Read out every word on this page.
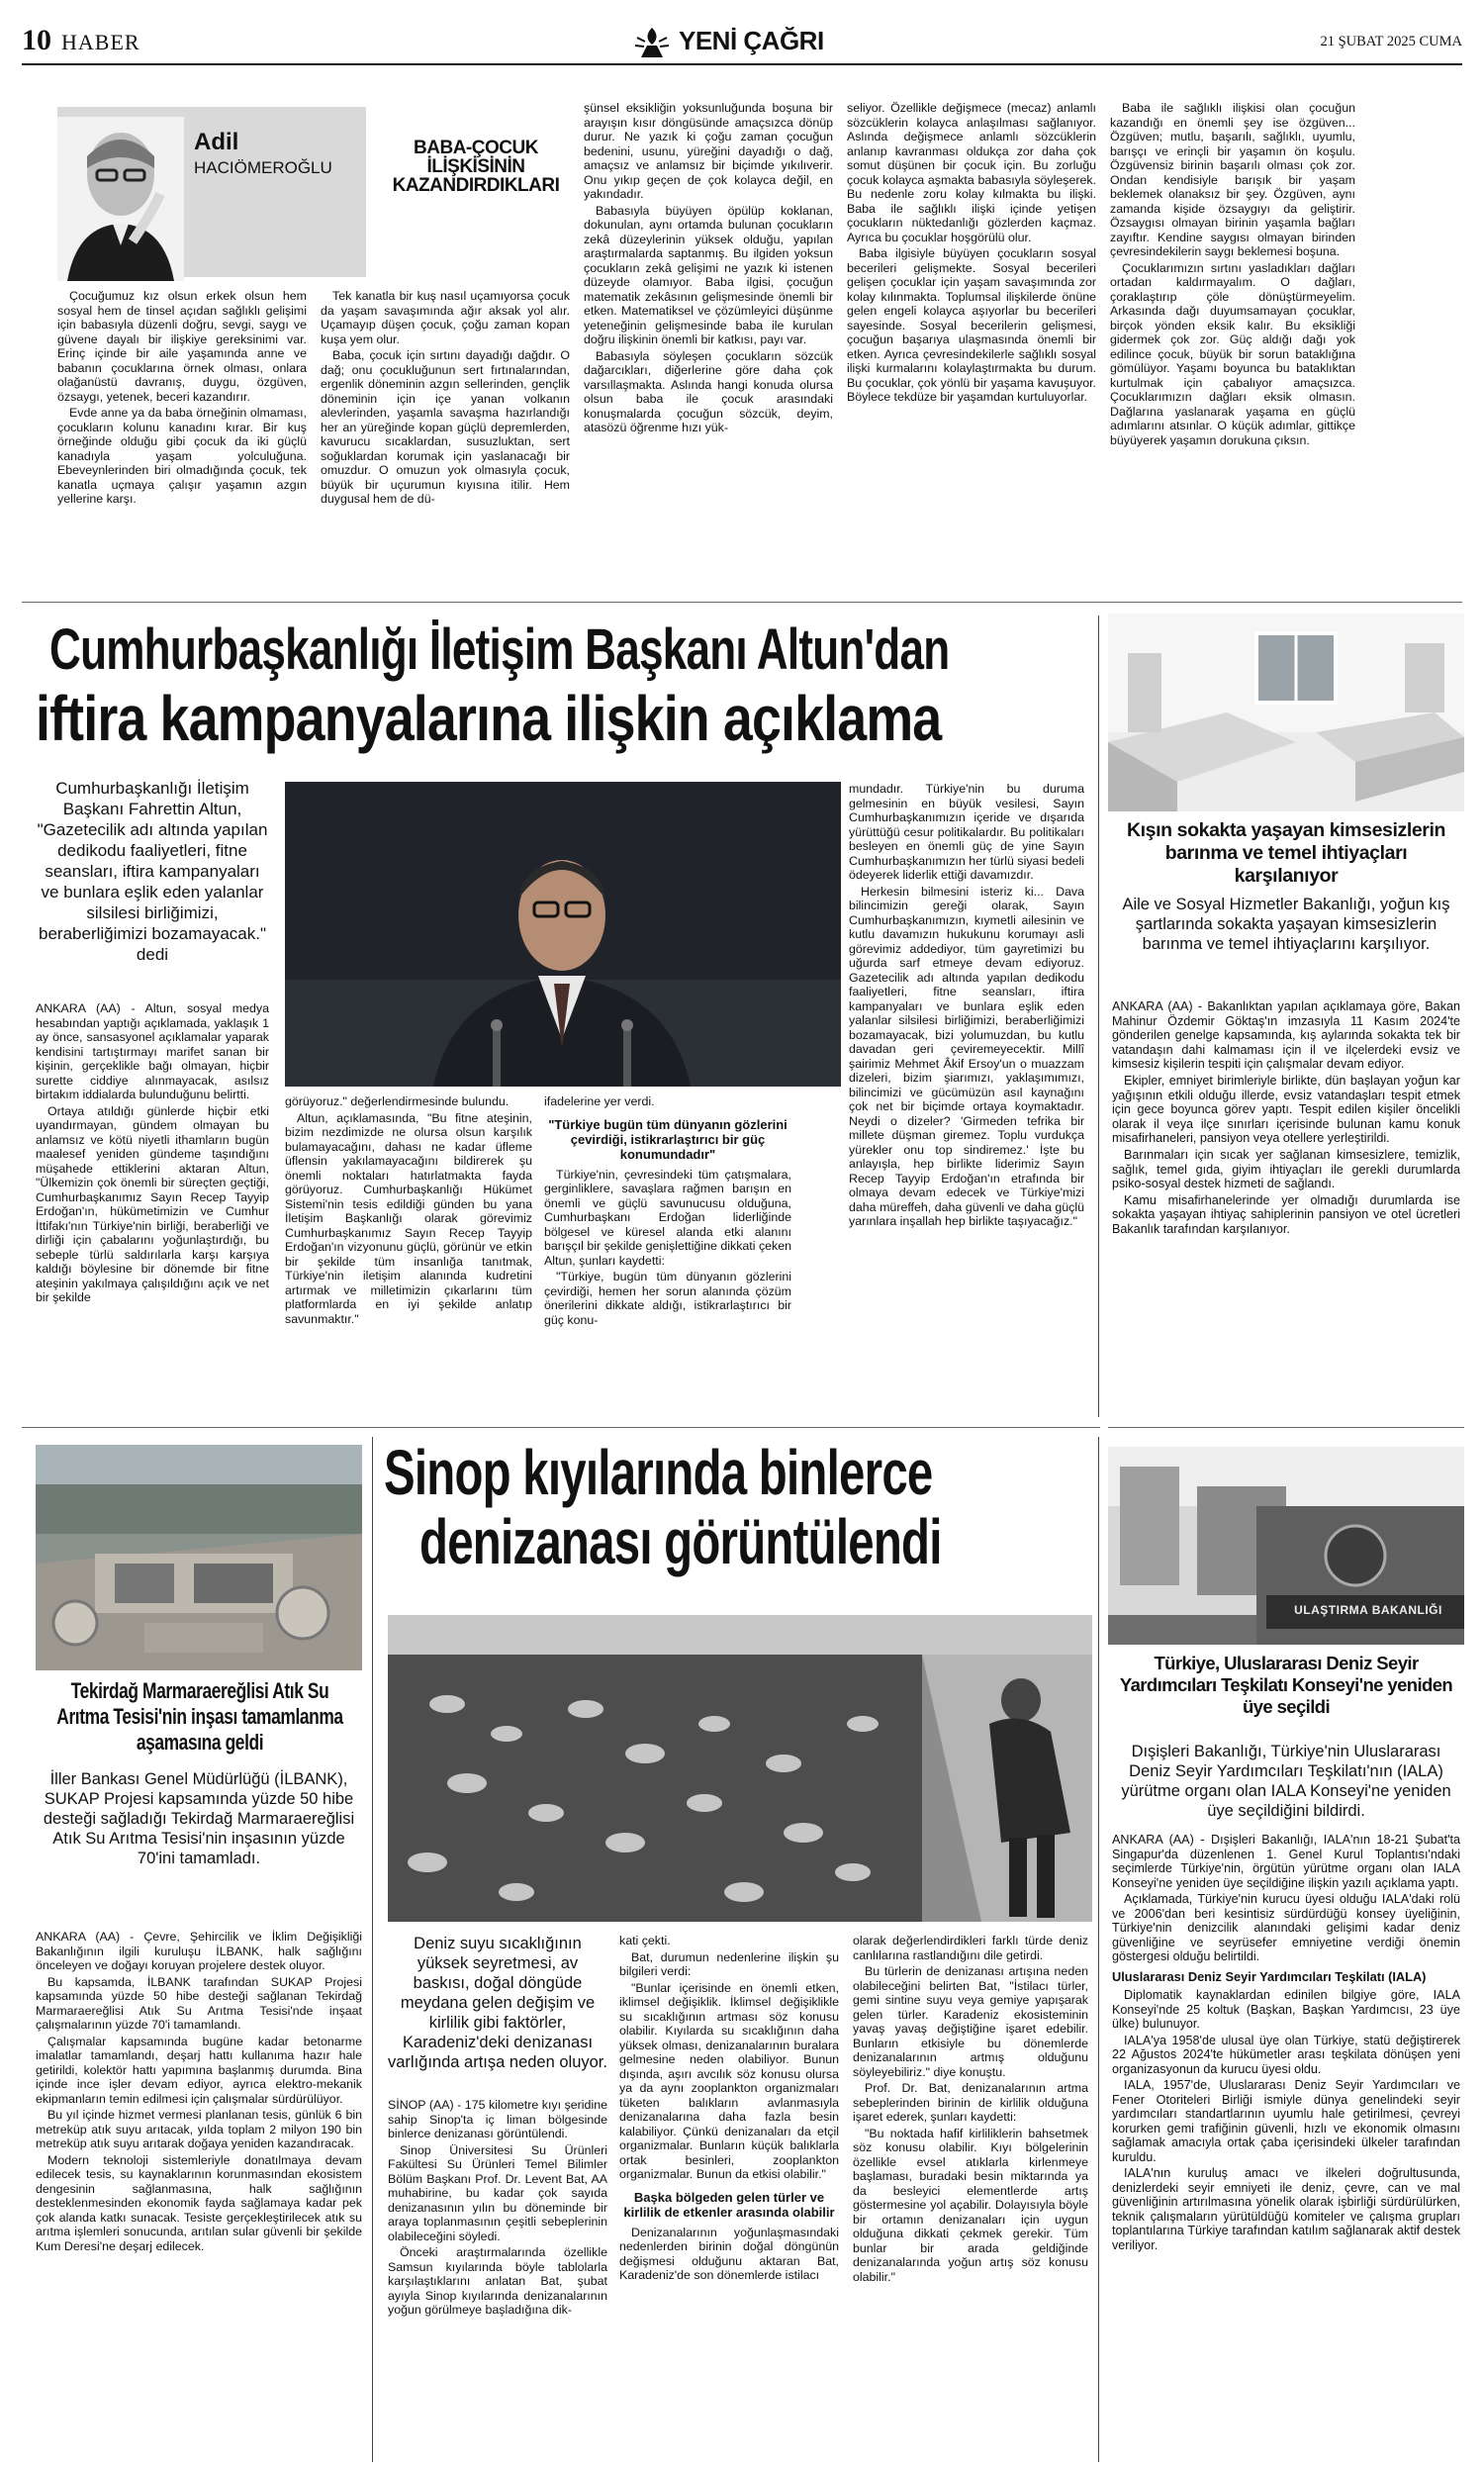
10 HABER	YENİ ÇAĞRI	21 ŞUBAT 2025 CUMA
Adil
HACIÖMEROĞLU
BABA-ÇOCUK
İLİŞKİSİNİN
KAZANDIRDIKLARI

Çocuğumuz kız olsun erkek olsun hem sosyal hem de tinsel açıdan sağlıklı gelişimi için babasıyla düzenli doğru, sevgi, saygı ve güvene dayalı bir ilişkiye gereksinimi var. Erinç içinde bir aile yaşamında anne ve babanın çocuklarına örnek olması, onlara olağanüstü davranış, duygu, özgüven, özsaygı, yetenek, beceri kazandırır.

Evde anne ya da baba örneğinin olmaması, çocukların kolunu kanadını kırar. Bir kuş örneğinde olduğu gibi çocuk da iki güçlü kanadıyla yaşam yolculuğuna. Ebeveynlerinden biri olmadığında çocuk, tek kanatla uçmaya çalışır yaşamın azgın yellerine karşı.

Tek kanatla bir kuş nasıl uçamıyorsa çocuk da yaşam savaşımında ağır aksak yol alır. Uçamayıp düşen çocuk, çoğu zaman kopan kuşa yem olur.

Baba, çocuk için sırtını dayadığı dağdır. O dağ; onu çocukluğunun sert fırtınalarından, ergenlik döneminin azgın sellerinden, gençlik döneminin için içe yanan volkanın alevlerinden, yaşamla savaşma hazırlandığı her an yüreğinde kopan güçlü depremlerden, kavurucu sıcaklardan, susuzluktan, sert soğuklardan korumak için yaslanacağı bir omuzdur. O omuzun yok olmasıyla çocuk, büyük bir uçurumun kıyısına itilir. Hem duygusal hem de dü-

şünsel eksikliğin yoksunluğunda boşuna bir arayışın kısır döngüsünde amaçsızca dönüp durur. Ne yazık ki çoğu zaman çocuğun bedenini, usunu, yüreğini dayadığı o dağ, amaçsız ve anlamsız bir biçimde yıkılıverir. Onu yıkıp geçen de çok kolayca değil, en yakındadır.

Babasıyla büyüyen öpülüp koklanan, dokunulan, aynı ortamda bulunan çocukların zekâ düzeylerinin yüksek olduğu, yapılan araştırmalarda saptanmış. Bu ilgiden yoksun çocukların zekâ gelişimi ne yazık ki istenen düzeyde olamıyor. Baba ilgisi, çocuğun matematik zekâsının gelişmesinde önemli bir etken. Matematiksel ve çözümleyici düşünme yeteneğinin gelişmesinde baba ile kurulan doğru ilişkinin önemli bir katkısı, payı var.

Babasıyla söyleşen çocukların sözcük dağarcıkları, diğerlerine göre daha çok varsıllaşmakta. Aslında hangi konuda olursa olsun baba ile çocuk arasındaki konuşmalarda çocuğun sözcük, deyim, atasözü öğrenme hızı yük-

seliyor. Özellikle değişmece (mecaz) anlamlı sözcüklerin kolayca anlaşılması sağlanıyor. Aslında değişmece anlamlı sözcüklerin anlanıp kavranması oldukça zor daha çok somut düşünen bir çocuk için. Bu zorluğu çocuk kolayca aşmakta babasıyla söyleşerek. Bu nedenle zoru kolay kılmakta bu ilişki. Baba ile sağlıklı ilişki içinde yetişen çocukların nüktedanlığı gözlerden kaçmaz. Ayrıca bu çocuklar hoşgörülü olur.

Baba ilgisiyle büyüyen çocukların sosyal becerileri gelişmekte. Sosyal becerileri gelişen çocuklar için yaşam savaşımında zor kolay kılınmakta. Toplumsal ilişkilerde önüne gelen engeli kolayca aşıyorlar bu becerileri sayesinde. Sosyal becerilerin gelişmesi, çocuğun başarıya ulaşmasında önemli bir etken. Ayrıca çevresindekilerle sağlıklı sosyal ilişki kurmalarını kolaylaştırmakta bu durum. Bu çocuklar, çok yönlü bir yaşama kavuşuyor. Böylece tekdüze bir yaşamdan kurtuluyorlar.

Baba ile sağlıklı ilişkisi olan çocuğun kazandığı en önemli şey ise özgüven... Özgüven; mutlu, başarılı, sağlıklı, uyumlu, barışçı ve erinçli bir yaşamın ön koşulu. Özgüvensiz birinin başarılı olması çok zor. Ondan kendisiyle barışık bir yaşam beklemek olanaksız bir şey. Özgüven, aynı zamanda kişide özsaygıyı da geliştirir. Özsaygısı olmayan birinin yaşamla bağları zayıftır. Kendine saygısı olmayan birinden çevresindekilerin saygı beklemesi boşuna.

Çocuklarımızın sırtını yasladıkları dağları ortadan kaldırmayalım. O dağları, çoraklaştırıp çöle dönüştürmeyelim. Arkasında dağı duyumsamayan çocuklar, birçok yönden eksik kalır. Bu eksikliği gidermek çok zor. Güç aldığı dağı yok edilince çocuk, büyük bir sorun bataklığına gömülüyor. Yaşamı boyunca bu bataklıktan kurtulmak için çabalıyor amaçsızca. Çocuklarımızın dağları eksik olmasın. Dağlarına yaslanarak yaşama en güçlü adımlarını atsınlar. O küçük adımlar, gittikçe büyüyerek yaşamın dorukuna çıksın.

Cumhurbaşkanlığı İletişim Başkanı Altun'dan
iftira kampanyalarına ilişkin açıklama
Cumhurbaşkanlığı İletişim Başkanı Fahrettin Altun, "Gazetecilik adı altında yapılan dedikodu faaliyetleri, fitne seansları, iftira kampanyaları ve bunlara eşlik eden yalanlar silsilesi birliğimizi, beraberliğimizi bozamayacak." dedi

ANKARA (AA) - Altun, sosyal medya hesabından yaptığı açıklamada, yaklaşık 1 ay önce, sansasyonel açıklamalar yaparak kendisini tartıştırmayı marifet sanan bir kişinin, gerçeklikle bağı olmayan, hiçbir surette ciddiye alınmayacak, asılsız birtakım iddialarda bulunduğunu belirtti.

Ortaya atıldığı günlerde hiçbir etki uyandırmayan, gündem olmayan bu anlamsız ve kötü niyetli ithamların bugün maalesef yeniden gündeme taşındığını müşahede ettiklerini aktaran Altun, "Ülkemizin çok önemli bir süreçten geçtiği, Cumhurbaşkanımız Sayın Recep Tayyip Erdoğan'ın, hükümetimizin ve Cumhur İttifakı'nın Türkiye'nin birliği, beraberliği ve dirliği için çabalarını yoğunlaştırdığı, bu sebeple türlü saldırılarla karşı karşıya kaldığı böylesine bir dönemde bir fitne ateşinin yakılmaya çalışıldığını açık ve net bir şekilde

görüyoruz." değerlendirmesinde bulundu.

Altun, açıklamasında, "Bu fitne ateşinin, bizim nezdimizde ne olursa olsun karşılık bulamayacağını, dahası ne kadar üfleme üflensin yakılamayacağını bildirerek şu önemli noktaları hatırlatmakta fayda görüyoruz. Cumhurbaşkanlığı Hükümet Sistemi'nin tesis edildiği günden bu yana İletişim Başkanlığı olarak görevimiz Cumhurbaşkanımız Sayın Recep Tayyip Erdoğan'ın vizyonunu güçlü, görünür ve etkin bir şekilde tüm insanlığa tanıtmak, Türkiye'nin iletişim alanında kudretini artırmak ve milletimizin çıkarlarını tüm platformlarda en iyi şekilde anlatıp savunmaktır."

ifadelerine yer verdi.

"Türkiye bugün tüm dünyanın gözlerini çevirdiği, istikrarlaştırıcı bir güç konumundadır"

Türkiye'nin, çevresindeki tüm çatışmalara, gerginliklere, savaşlara rağmen barışın en önemli ve güçlü savunucusu olduğuna, Cumhurbaşkanı Erdoğan liderliğinde bölgesel ve küresel alanda etki alanını barışçıl bir şekilde genişlettiğine dikkati çeken Altun, şunları kaydetti:

"Türkiye, bugün tüm dünyanın gözlerini çevirdiği, hemen her sorun alanında çözüm önerilerini dikkate aldığı, istikrarlaştırıcı bir güç konu-

mundadır. Türkiye'nin bu duruma gelmesinin en büyük vesilesi, Sayın Cumhurbaşkanımızın içeride ve dışarıda yürüttüğü cesur politikalardır. Bu politikaları besleyen en önemli güç de yine Sayın Cumhurbaşkanımızın her türlü siyasi bedeli ödeyerek liderlik ettiği davamızdır.

Herkesin bilmesini isteriz ki... Dava bilincimizin gereği olarak, Sayın Cumhurbaşkanımızın, kıymetli ailesinin ve kutlu davamızın hukukunu korumayı asli görevimiz addediyor, tüm gayretimizi bu uğurda sarf etmeye devam ediyoruz. Gazetecilik adı altında yapılan dedikodu faaliyetleri, fitne seansları, iftira kampanyaları ve bunlara eşlik eden yalanlar silsilesi birliğimizi, beraberliğimizi bozamayacak, bizi yolumuzdan, bu kutlu davadan geri çeviremeyecektir. Millî şairimiz Mehmet Âkif Ersoy'un o muazzam dizeleri, bizim şiarımızı, yaklaşımımızı, bilincimizi ve gücümüzün asıl kaynağını çok net bir biçimde ortaya koymaktadır. Neydi o dizeler? 'Girmeden tefrika bir millete düşman giremez. Toplu vurdukça yürekler onu top sindiremez.' İşte bu anlayışla, hep birlikte liderimiz Sayın Recep Tayyip Erdoğan'ın etrafında bir olmaya devam edecek ve Türkiye'mizi daha müreffeh, daha güvenli ve daha güçlü yarınlara inşallah hep birlikte taşıyacağız."

Kışın sokakta yaşayan kimsesizlerin barınma ve temel ihtiyaçları karşılanıyor
Aile ve Sosyal Hizmetler Bakanlığı, yoğun kış şartlarında sokakta yaşayan kimsesizlerin barınma ve temel ihtiyaçlarını karşılıyor.

ANKARA (AA) - Bakanlıktan yapılan açıklamaya göre, Bakan Mahinur Özdemir Göktaş'ın imzasıyla 11 Kasım 2024'te gönderilen genelge kapsamında, kış aylarında sokakta tek bir vatandaşın dahi kalmaması için il ve ilçelerdeki evsiz ve kimsesiz kişilerin tespiti için çalışmalar devam ediyor.

Ekipler, emniyet birimleriyle birlikte, dün başlayan yoğun kar yağışının etkili olduğu illerde, evsiz vatandaşları tespit etmek için gece boyunca görev yaptı. Tespit edilen kişiler öncelikli olarak il veya ilçe sınırları içerisinde bulunan kamu konuk misafirhaneleri, pansiyon veya otellere yerleştirildi.

Barınmaları için sıcak yer sağlanan kimsesizlere, temizlik, sağlık, temel gıda, giyim ihtiyaçları ile gerekli durumlarda psiko-sosyal destek hizmeti de sağlandı.

Kamu misafirhanelerinde yer olmadığı durumlarda ise sokakta yaşayan ihtiyaç sahiplerinin pansiyon ve otel ücretleri Bakanlık tarafından karşılanıyor.

Tekirdağ Marmaraereğlisi Atık Su Arıtma Tesisi'nin inşası tamamlanma aşamasına geldi
İller Bankası Genel Müdürlüğü (İLBANK), SUKAP Projesi kapsamında yüzde 50 hibe desteği sağladığı Tekirdağ Marmaraereğlisi Atık Su Arıtma Tesisi'nin inşasının yüzde 70'ini tamamladı.

ANKARA (AA) - Çevre, Şehircilik ve İklim Değişikliği Bakanlığının ilgili kuruluşu İLBANK, halk sağlığını önceleyen ve doğayı koruyan projelere destek oluyor.

Bu kapsamda, İLBANK tarafından SUKAP Projesi kapsamında yüzde 50 hibe desteği sağlanan Tekirdağ Marmaraereğlisi Atık Su Arıtma Tesisi'nde inşaat çalışmalarının yüzde 70'i tamamlandı.

Çalışmalar kapsamında bugüne kadar betonarme imalatlar tamamlandı, deşarj hattı kullanıma hazır hale getirildi, kolektör hattı yapımına başlanmış durumda. Bina içinde ince işler devam ediyor, ayrıca elektro-mekanik ekipmanların temin edilmesi için çalışmalar sürdürülüyor.

Bu yıl içinde hizmet vermesi planlanan tesis, günlük 6 bin metreküp atık suyu arıtacak, yılda toplam 2 milyon 190 bin metreküp atık suyu arıtarak doğaya yeniden kazandıracak.

Modern teknoloji sistemleriyle donatılmaya devam edilecek tesis, su kaynaklarının korunmasından ekosistem dengesinin sağlanmasına, halk sağlığının desteklenmesinden ekonomik fayda sağlamaya kadar pek çok alanda katkı sunacak. Tesiste gerçekleştirilecek atık su arıtma işlemleri sonucunda, arıtılan sular güvenli bir şekilde Kum Deresi'ne deşarj edilecek.

Sinop kıyılarında binlerce
denizanası görüntülendi
Deniz suyu sıcaklığının yüksek seyretmesi, av baskısı, doğal döngüde meydana gelen değişim ve kirlilik gibi faktörler, Karadeniz'deki denizanası varlığında artışa neden oluyor.

SİNOP (AA) - 175 kilometre kıyı şeridine sahip Sinop'ta iç liman bölgesinde binlerce denizanası görüntülendi.

Sinop Üniversitesi Su Ürünleri Fakültesi Su Ürünleri Temel Bilimler Bölüm Başkanı Prof. Dr. Levent Bat, AA muhabirine, bu kadar çok sayıda denizanasının yılın bu döneminde bir araya toplanmasının çeşitli sebeplerinin olabileceğini söyledi.

Önceki araştırmalarında özellikle Samsun kıyılarında böyle tablolarla karşılaştıklarını anlatan Bat, şubat ayıyla Sinop kıyılarında denizanalarının yoğun görülmeye başladığına dik-

kati çekti.

Bat, durumun nedenlerine ilişkin şu bilgileri verdi:

"Bunlar içerisinde en önemli etken, iklimsel değişiklik. İklimsel değişiklikle su sıcaklığının artması söz konusu olabilir. Kıyılarda su sıcaklığının daha yüksek olması, denizanalarının buralara gelmesine neden olabiliyor. Bunun dışında, aşırı avcılık söz konusu olursa ya da aynı zooplankton organizmaları tüketen balıkların avlanmasıyla denizanalarına daha fazla besin kalabiliyor. Çünkü denizanaları da etçil organizmalar. Bunların küçük balıklarla ortak besinleri, zooplankton organizmalar. Bunun da etkisi olabilir."

Başka bölgeden gelen türler ve kirlilik de etkenler arasında olabilir

Denizanalarının yoğunlaşmasındaki nedenlerden birinin doğal döngünün değişmesi olduğunu aktaran Bat, Karadeniz'de son dönemlerde istilacı

olarak değerlendirdikleri farklı türde deniz canlılarına rastlandığını dile getirdi.

Bu türlerin de denizanası artışına neden olabileceğini belirten Bat, "İstilacı türler, gemi sintine suyu veya gemiye yapışarak gelen türler. Karadeniz ekosisteminin yavaş yavaş değiştiğine işaret edebilir. Bunların etkisiyle bu dönemlerde denizanalarının artmış olduğunu söyleyebiliriz." diye konuştu.

Prof. Dr. Bat, denizanalarının artma sebeplerinden birinin de kirlilik olduğuna işaret ederek, şunları kaydetti:

"Bu noktada hafif kirliliklerin bahsetmek söz konusu olabilir. Kıyı bölgelerinin özellikle evsel atıklarla kirlenmeye başlaması, buradaki besin miktarında ya da besleyici elementlerde artış göstermesine yol açabilir. Dolayısıyla böyle bir ortamın denizanaları için uygun olduğuna dikkati çekmek gerekir. Tüm bunlar bir arada geldiğinde denizanalarında yoğun artış söz konusu olabilir."

ULAŞTIRMA BAKANLIĞI
Türkiye, Uluslararası Deniz Seyir Yardımcıları Teşkilatı Konseyi'ne yeniden üye seçildi
Dışişleri Bakanlığı, Türkiye'nin Uluslararası Deniz Seyir Yardımcıları Teşkilatı'nın (IALA) yürütme organı olan IALA Konseyi'ne yeniden üye seçildiğini bildirdi.

ANKARA (AA) - Dışişleri Bakanlığı, IALA'nın 18-21 Şubat'ta Singapur'da düzenlenen 1. Genel Kurul Toplantısı'ndaki seçimlerde Türkiye'nin, örgütün yürütme organı olan IALA Konseyi'ne yeniden üye seçildiğine ilişkin yazılı açıklama yaptı.

Açıklamada, Türkiye'nin kurucu üyesi olduğu IALA'daki rolü ve 2006'dan beri kesintisiz sürdürdüğü konsey üyeliğinin, Türkiye'nin denizcilik alanındaki gelişimi kadar deniz güvenliğine ve seyrüsefer emniyetine verdiği önemin göstergesi olduğu belirtildi.

Uluslararası Deniz Seyir Yardımcıları Teşkilatı (IALA)

Diplomatik kaynaklardan edinilen bilgiye göre, IALA Konseyi'nde 25 koltuk (Başkan, Başkan Yardımcısı, 23 üye ülke) bulunuyor.

IALA'ya 1958'de ulusal üye olan Türkiye, statü değiştirerek 22 Ağustos 2024'te hükümetler arası teşkilata dönüşen yeni organizasyonun da kurucu üyesi oldu.

IALA, 1957'de, Uluslararası Deniz Seyir Yardımcıları ve Fener Otoriteleri Birliği ismiyle dünya genelindeki seyir yardımcıları standartlarının uyumlu hale getirilmesi, çevreyi korurken gemi trafiğinin güvenli, hızlı ve ekonomik olmasını sağlamak amacıyla ortak çaba içerisindeki ülkeler tarafından kuruldu.

IALA'nın kuruluş amacı ve ilkeleri doğrultusunda, denizlerdeki seyir emniyeti ile deniz, çevre, can ve mal güvenliğinin artırılmasına yönelik olarak işbirliği sürdürülürken, teknik çalışmaların yürütüldüğü komiteler ve çalışma grupları toplantılarına Türkiye tarafından katılım sağlanarak aktif destek veriliyor.
